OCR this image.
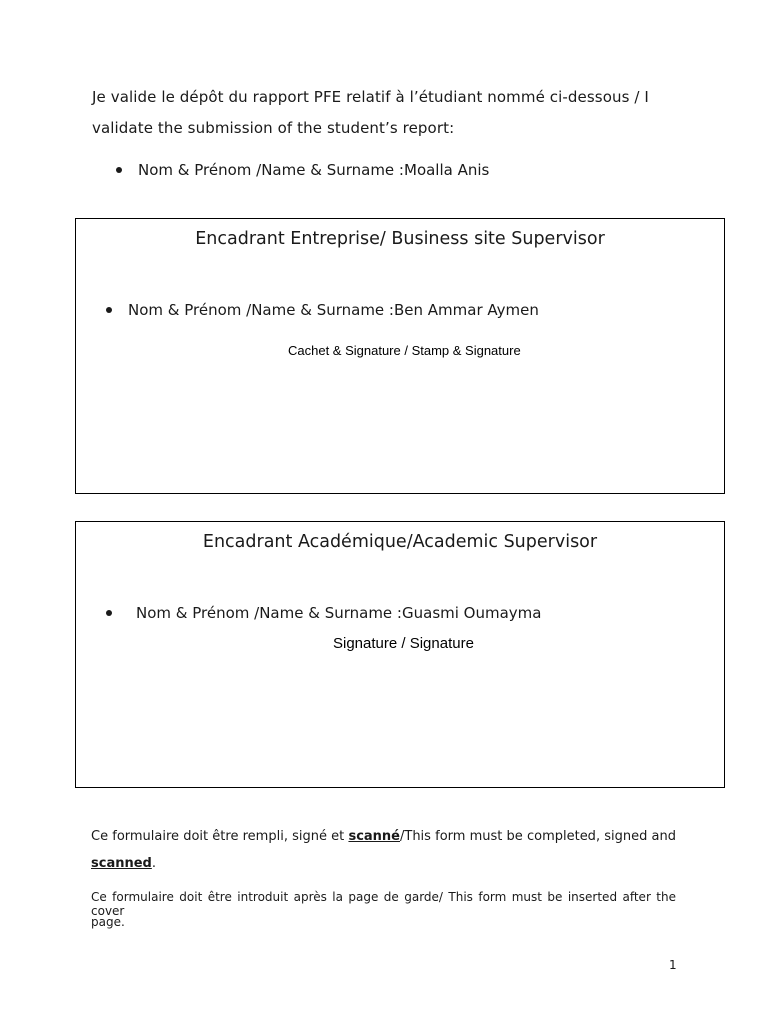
Je valide le dépôt du rapport PFE relatif à l’étudiant nommé ci-dessous / I
validate the submission of the student’s report:
Nom & Prénom /Name & Surname : Moalla Anis
Encadrant Entreprise/ Business site Supervisor
Nom & Prénom /Name & Surname : Ben Ammar Aymen
Cachet & Signature / Stamp & Signature
Encadrant Académique/Academic Supervisor
Nom & Prénom /Name & Surname : Guasmi Oumayma
Signature / Signature
Ce formulaire doit être rempli, signé et scanné/This form must be completed, signed and
scanned.
Ce formulaire doit être introduit après la page de garde/ This form must be inserted after the cover
page.
1
